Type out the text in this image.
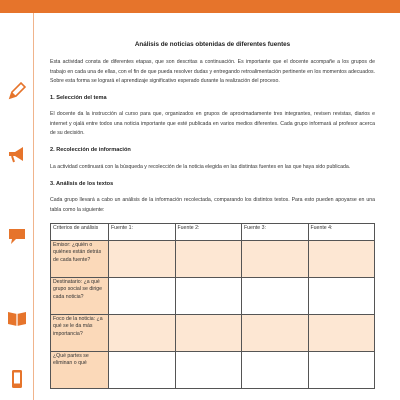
Análisis de noticias obtenidas de diferentes fuentes

Esta actividad consta de diferentes etapas, que son descritas a continuación. Es importante que el docente acompañe a los grupos de trabajo en cada una de ellas, con el fin de que pueda resolver dudas y entregando retroalimentación pertinente en los momentos adecuados. Sobre esta forma se logrará el aprendizaje significativo esperado durante la realización del proceso.

1. Selección del tema

El docente da la instrucción al curso para que, organizados en grupos de aproximadamente tres integrantes, revisen revistas, diarios e internet y ojalá entre todos una noticia importante que esté publicada en varios medios diferentes. Cada grupo informará al profesor acerca de su decisión.

2. Recolección de información

La actividad continuará con la búsqueda y recolección de la noticia elegida en las distintas fuentes en las que haya sido publicada.

3. Análisis de los textos

Cada grupo llevará a cabo un análisis de la información recolectada, comparando los distintos textos. Para esto pueden apoyarse en una tabla como la siguiente:

Criterios de análisis	Fuente 1:	Fuente 2:	Fuente 3:	Fuente 4:
Emisor: ¿quién o quiénes están detrás de cada fuente?				
Destinatario: ¿a qué grupo social se dirige cada noticia?				
Foco de la noticia: ¿a qué se le da más importancia?				
¿Qué partes se eliminan o qué				
